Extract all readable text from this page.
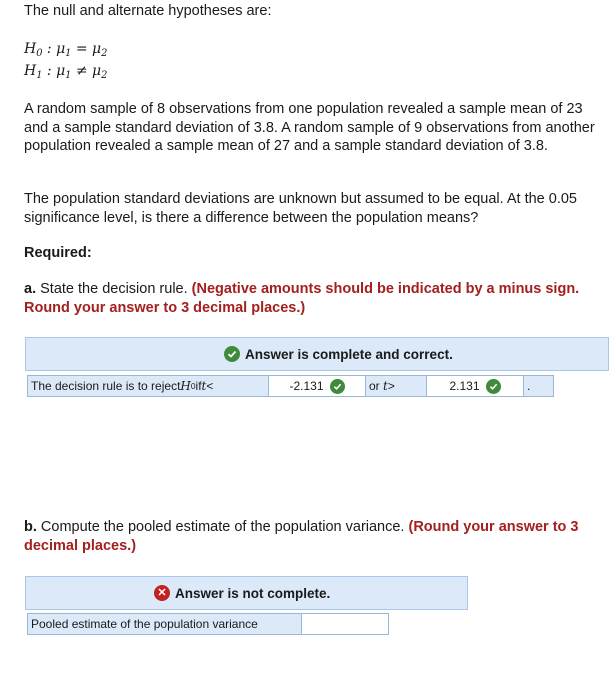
The null and alternate hypotheses are:

$H_0$ : $\mu_1 = \mu_2$
$H_1$ : $\mu_1 \ne \mu_2$

A random sample of 8 observations from one population revealed a sample mean of 23 and a sample standard deviation of 3.8. A random sample of 9 observations from another population revealed a sample mean of 27 and a sample standard deviation of 3.8.

The population standard deviations are unknown but assumed to be equal. At the 0.05 significance level, is there a difference between the population means?

Required:

a. State the decision rule. (Negative amounts should be indicated by a minus sign. Round your answer to 3 decimal places.)

Answer is complete and correct.
The decision rule is to reject H 0 if t <	-2.131	or t >	2.131	.

b. Compute the pooled estimate of the population variance. (Round your answer to 3 decimal places.)

✕ Answer is not complete.
Pooled estimate of the population variance
